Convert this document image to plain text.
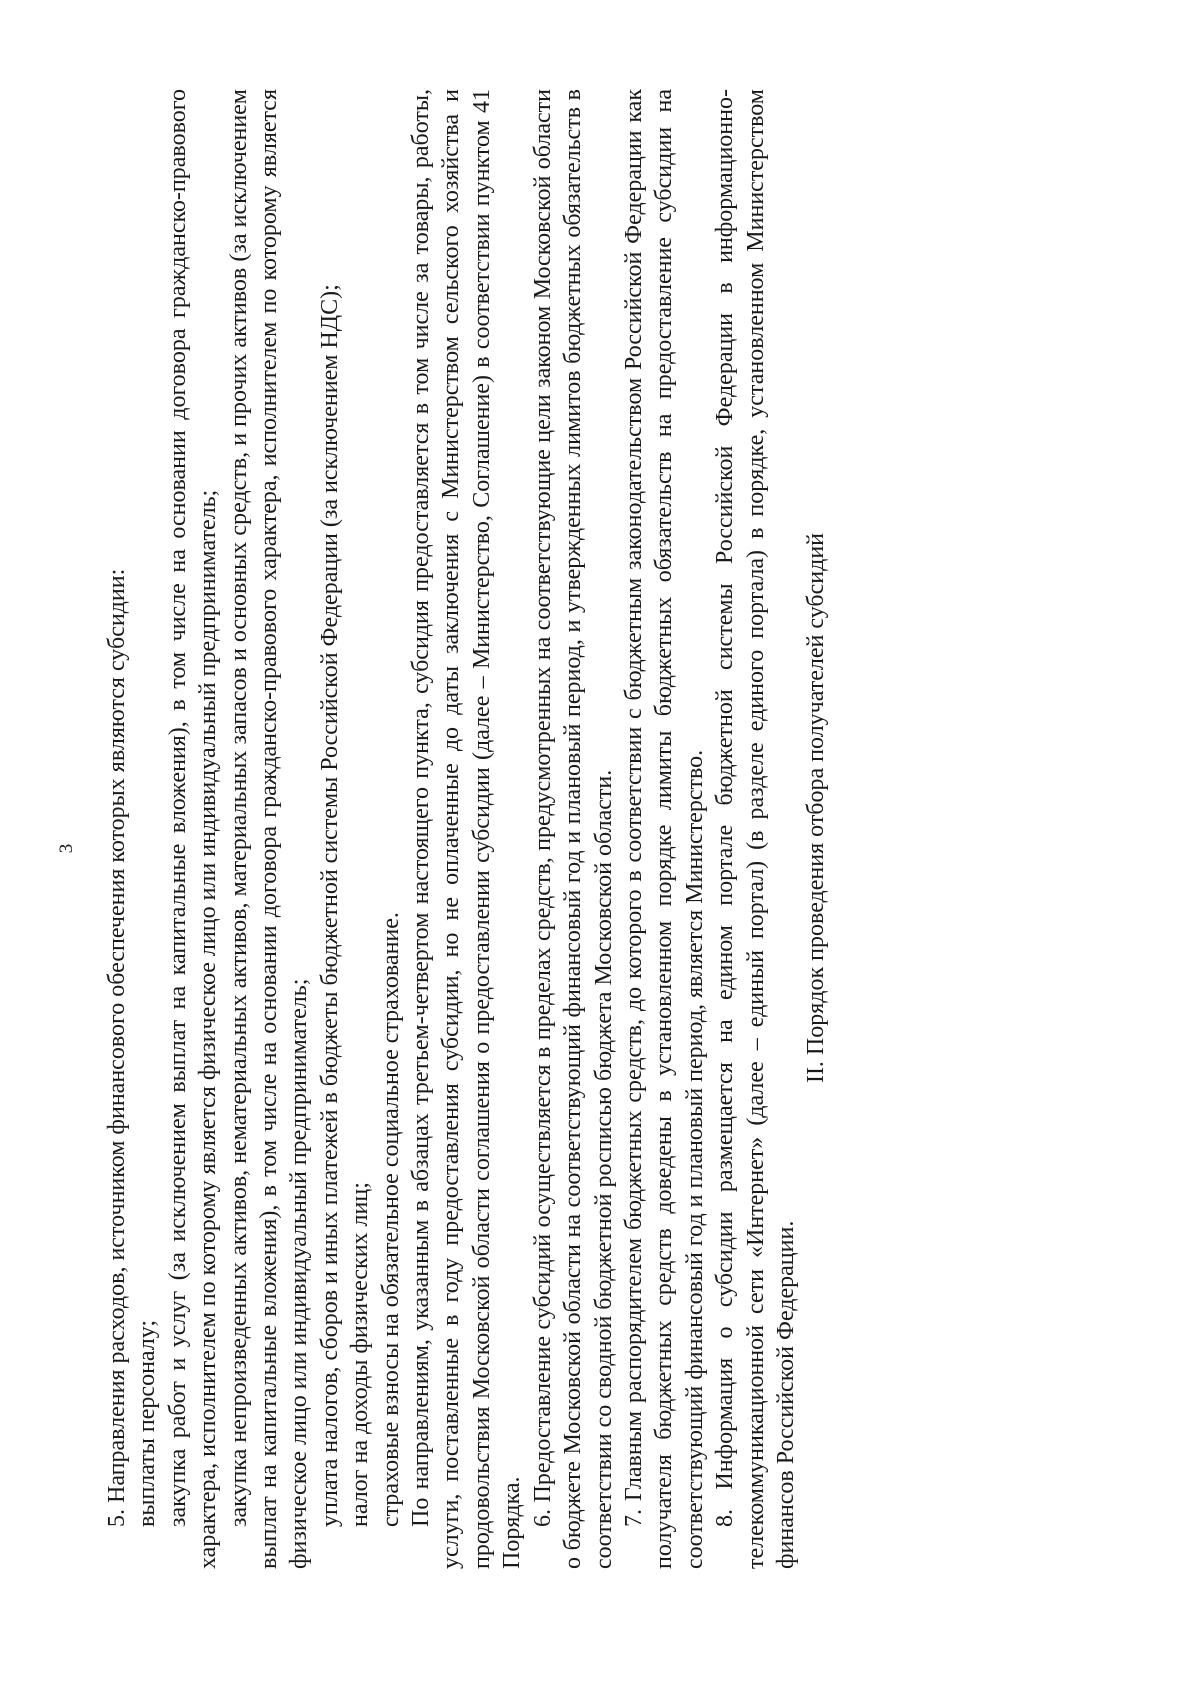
3 5. Направления расходов, источником финансового обеспечения которых являются субсидии: выплаты персоналу; закупка работ и услуг (за исключением выплат на капитальные вложения), в том числе на основании договора гражданско-правового характера, исполнителем по которому является физическое лицо или индивидуальный предприниматель; закупка непроизведенных активов, нематериальных активов, материальных запасов и основных средств, и прочих активов (за исключением выплат на капитальные вложения), в том числе на основании договора гражданско-правового характера, исполнителем по которому является физическое лицо или индивидуальный предприниматель; уплата налогов, сборов и иных платежей в бюджеты бюджетной системы Российской Федерации (за исключением НДС); налог на доходы физических лиц; страховые взносы на обязательное социальное страхование. По направлениям, указанным в абзацах третьем-четвертом настоящего пункта, субсидия предоставляется в том числе за товары, работы, услуги, поставленные в году предоставления субсидии, но не оплаченные до даты заключения с Министерством сельского хозяйства и продовольствия Московской области соглашения о предоставлении субсидии (далее – Министерство, Соглашение) в соответствии пунктом 41 Порядка. 6. Предоставление субсидий осуществляется в пределах средств, предусмотренных на соответствующие цели законом Московской области о бюджете Московской области на соответствующий финансовый год и плановый период, и утвержденных лимитов бюджетных обязательств в соответствии со сводной бюджетной росписью бюджета Московской области. 7. Главным распорядителем бюджетных средств, до которого в соответствии с бюджетным законодательством Российской Федерации как получателя бюджетных средств доведены в установленном порядке лимиты бюджетных обязательств на предоставление субсидии на соответствующий финансовый год и плановый период, является Министерство. 8. Информация о субсидии размещается на едином портале бюджетной системы Российской Федерации в информационно-телекоммуникационной сети «Интернет» (далее – единый портал) (в разделе единого портала) в порядке, установленном Министерством финансов Российской Федерации.

II. Порядок проведения отбора получателей субсидий
